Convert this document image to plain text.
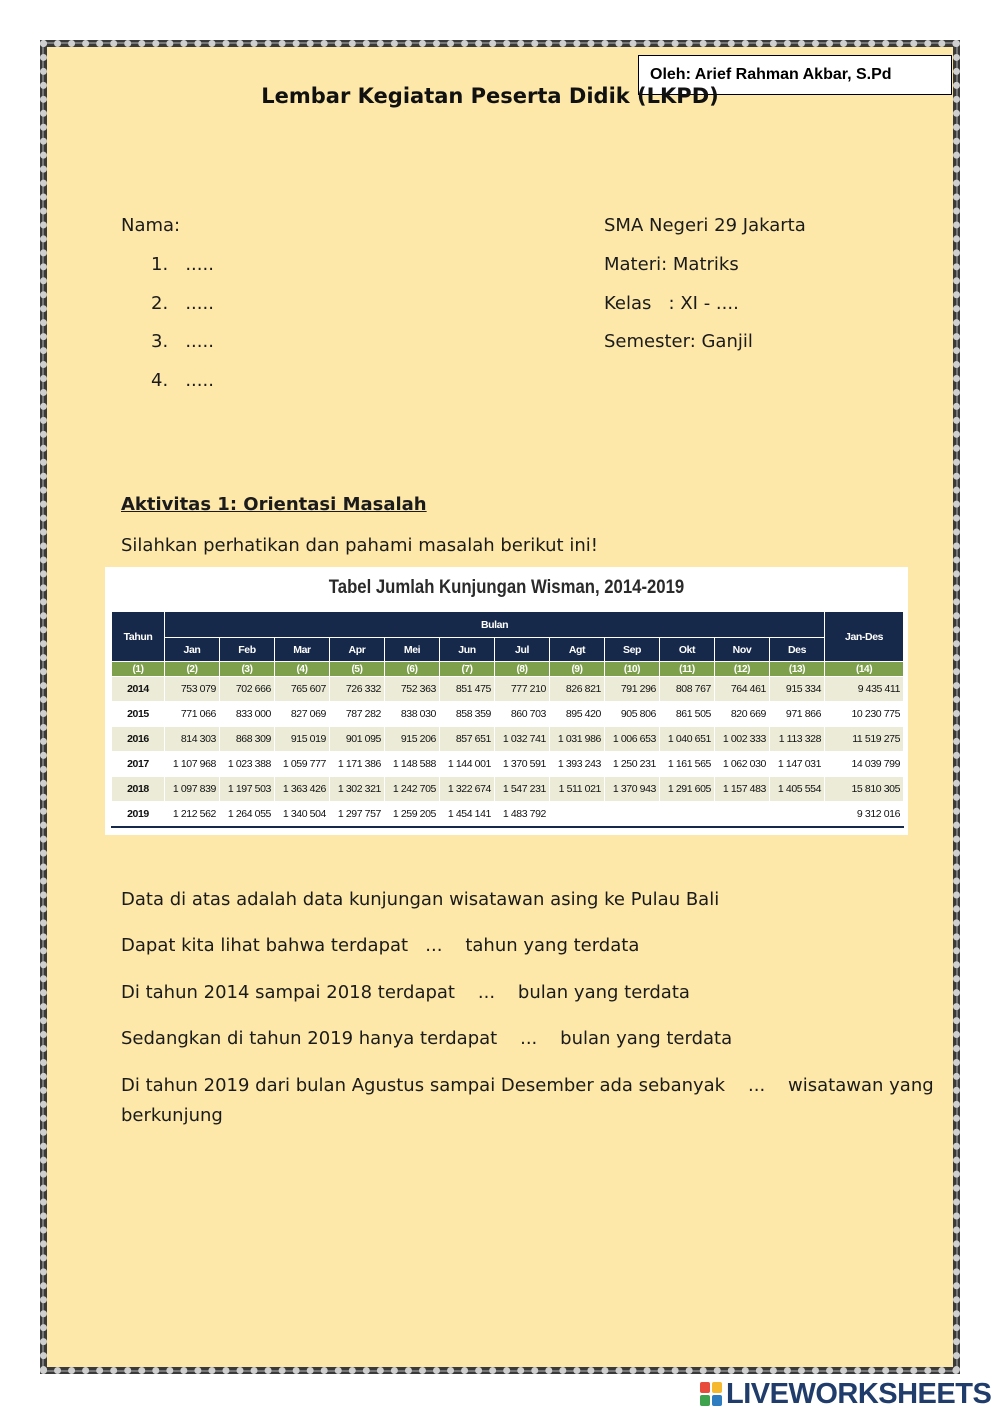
Oleh: Arief Rahman Akbar, S.Pd
Lembar Kegiatan Peserta Didik (LKPD)
Nama:
1.   .....
2.   .....
3.   .....
4.   .....
SMA Negeri 29 Jakarta
Materi: Matriks
Kelas   : XI - ....
Semester: Ganjil
Aktivitas 1: Orientasi Masalah
Silahkan perhatikan dan pahami masalah berikut ini!
Tabel Jumlah Kunjungan Wisman, 2014-2019
Tahun	Bulan												Jan-Des
	Jan	Feb	Mar	Apr	Mei	Jun	Jul	Agt	Sep	Okt	Nov	Des	
(1)	(2)	(3)	(4)	(5)	(6)	(7)	(8)	(9)	(10)	(11)	(12)	(13)	(14)
2014	753 079	702 666	765 607	726 332	752 363	851 475	777 210	826 821	791 296	808 767	764 461	915 334	9 435 411
2015	771 066	833 000	827 069	787 282	838 030	858 359	860 703	895 420	905 806	861 505	820 669	971 866	10 230 775
2016	814 303	868 309	915 019	901 095	915 206	857 651	1 032 741	1 031 986	1 006 653	1 040 651	1 002 333	1 113 328	11 519 275
2017	1 107 968	1 023 388	1 059 777	1 171 386	1 148 588	1 144 001	1 370 591	1 393 243	1 250 231	1 161 565	1 062 030	1 147 031	14 039 799
2018	1 097 839	1 197 503	1 363 426	1 302 321	1 242 705	1 322 674	1 547 231	1 511 021	1 370 943	1 291 605	1 157 483	1 405 554	15 810 305
2019	1 212 562	1 264 055	1 340 504	1 297 757	1 259 205	1 454 141	1 483 792						9 312 016
Data di atas adalah data kunjungan wisatawan asing ke Pulau Bali
Dapat kita lihat bahwa terdapat   ...    tahun yang terdata
Di tahun 2014 sampai 2018 terdapat    ...    bulan yang terdata
Sedangkan di tahun 2019 hanya terdapat    ...    bulan yang terdata
Di tahun 2019 dari bulan Agustus sampai Desember ada sebanyak    ...    wisatawan yang
berkunjung
LIVEWORKSHEETS
